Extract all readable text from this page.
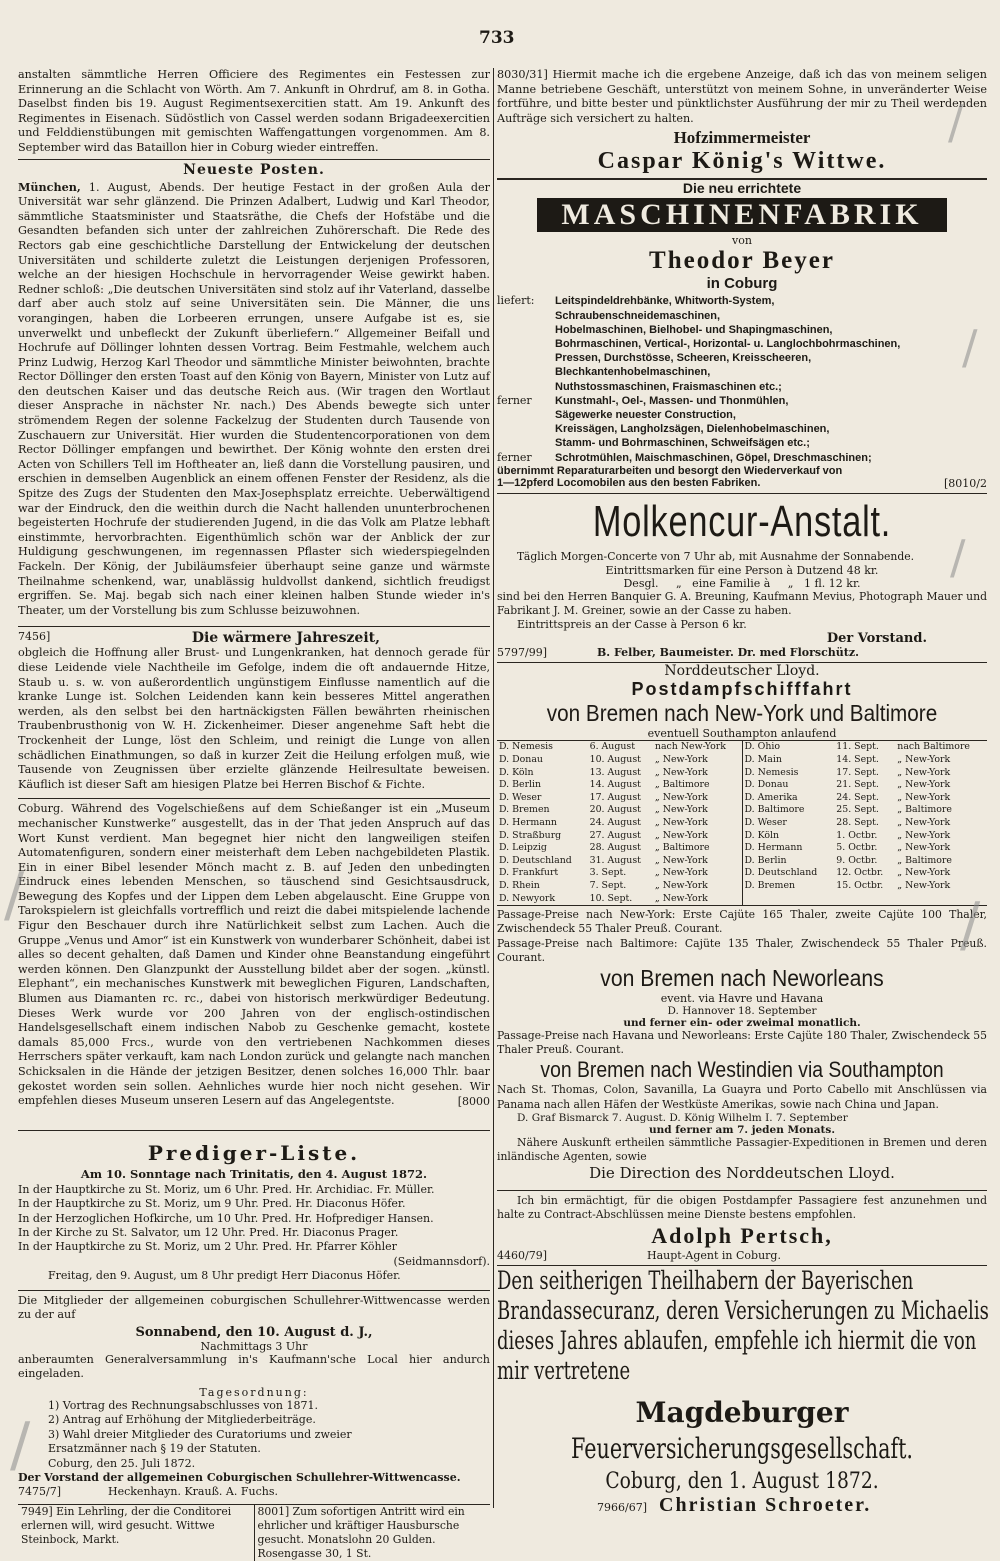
733

anstalten sämmtliche Herren Officiere des Regimentes ein Festessen zur Erinnerung an die Schlacht von Wörth. Am 7. Ankunft in Ohrdruf, am 8. in Gotha. Daselbst finden bis 19. August Regimentsexercitien statt. Am 19. Ankunft des Regimentes in Eisenach. Südöstlich von Cassel werden sodann Brigadeexercitien und Felddienstübungen mit gemischten Waffengattungen vorgenommen. Am 8. September wird das Bataillon hier in Coburg wieder eintreffen.

Neueste Posten.

München, 1. August, Abends. Der heutige Festact in der großen Aula der Universität war sehr glänzend. Die Prinzen Adalbert, Ludwig und Karl Theodor, sämmtliche Staatsminister und Staatsräthe, die Chefs der Hofstäbe und die Gesandten befanden sich unter der zahlreichen Zuhörerschaft. Die Rede des Rectors gab eine geschichtliche Darstellung der Entwickelung der deutschen Universitäten und schilderte zuletzt die Leistungen derjenigen Professoren, welche an der hiesigen Hochschule in hervorragender Weise gewirkt haben. Redner schloß: „Die deutschen Universitäten sind stolz auf ihr Vaterland, dasselbe darf aber auch stolz auf seine Universitäten sein. Die Männer, die uns vorangingen, haben die Lorbeeren errungen, unsere Aufgabe ist es, sie unverwelkt und unbefleckt der Zukunft überliefern.“ Allgemeiner Beifall und Hochrufe auf Döllinger lohnten dessen Vortrag. Beim Festmahle, welchem auch Prinz Ludwig, Herzog Karl Theodor und sämmtliche Minister beiwohnten, brachte Rector Döllinger den ersten Toast auf den König von Bayern, Minister von Lutz auf den deutschen Kaiser und das deutsche Reich aus. (Wir tragen den Wortlaut dieser Ansprache in nächster Nr. nach.) Des Abends bewegte sich unter strömendem Regen der solenne Fackelzug der Studenten durch Tausende von Zuschauern zur Universität. Hier wurden die Studentencorporationen von dem Rector Döllinger empfangen und bewirthet. Der König wohnte den ersten drei Acten von Schillers Tell im Hoftheater an, ließ dann die Vorstellung pausiren, und erschien in demselben Augenblick an einem offenen Fenster der Residenz, als die Spitze des Zugs der Studenten den Max-Josephsplatz erreichte. Ueberwältigend war der Eindruck, den die weithin durch die Nacht hallenden ununterbrochenen begeisterten Hochrufe der studierenden Jugend, in die das Volk am Platze lebhaft einstimmte, hervorbrachten. Eigenthümlich schön war der Anblick der zur Huldigung geschwungenen, im regennassen Pflaster sich wiederspiegelnden Fackeln. Der König, der Jubiläumsfeier überhaupt seine ganze und wärmste Theilnahme schenkend, war, unablässig huldvollst dankend, sichtlich freudigst ergriffen. Se. Maj. begab sich nach einer kleinen halben Stunde wieder in's Theater, um der Vorstellung bis zum Schlusse beizuwohnen.

7456]	Die wärmere Jahreszeit,

obgleich die Hoffnung aller Brust- und Lungenkranken, hat dennoch gerade für diese Leidende viele Nachtheile im Gefolge, indem die oft andauernde Hitze, Staub u. s. w. von außerordentlich ungünstigem Einflusse namentlich auf die kranke Lunge ist. Solchen Leidenden kann kein besseres Mittel angerathen werden, als den selbst bei den hartnäckigsten Fällen bewährten rheinischen Traubenbrusthonig von W. H. Zickenheimer. Dieser angenehme Saft hebt die Trockenheit der Lunge, löst den Schleim, und reinigt die Lunge von allen schädlichen Einathmungen, so daß in kurzer Zeit die Heilung erfolgen muß, wie Tausende von Zeugnissen über erzielte glänzende Heilresultate beweisen. Käuflich ist dieser Saft am hiesigen Platze bei Herren Bischof & Fichte.

Coburg. Während des Vogelschießens auf dem Schießanger ist ein „Museum mechanischer Kunstwerke“ ausgestellt, das in der That jeden Anspruch auf das Wort Kunst verdient. Man begegnet hier nicht den langweiligen steifen Automatenfiguren, sondern einer meisterhaft dem Leben nachgebildeten Plastik. Ein in einer Bibel lesender Mönch macht z. B. auf Jeden den unbedingten Eindruck eines lebenden Menschen, so täuschend sind Gesichtsausdruck, Bewegung des Kopfes und der Lippen dem Leben abgelauscht. Eine Gruppe von Tarokspielern ist gleichfalls vortrefflich und reizt die dabei mitspielende lachende Figur den Beschauer durch ihre Natürlichkeit selbst zum Lachen. Auch die Gruppe „Venus und Amor“ ist ein Kunstwerk von wunderbarer Schönheit, dabei ist alles so decent gehalten, daß Damen und Kinder ohne Beanstandung eingeführt werden können. Den Glanzpunkt der Ausstellung bildet aber der sogen. „künstl. Elephant“, ein mechanisches Kunstwerk mit beweglichen Figuren, Landschaften, Blumen aus Diamanten rc. rc., dabei von historisch merkwürdiger Bedeutung. Dieses Werk wurde vor 200 Jahren von der englisch-ostindischen Handelsgesellschaft einem indischen Nabob zu Geschenke gemacht, kostete damals 85,000 Frcs., wurde von den vertriebenen Nachkommen dieses Herrschers später verkauft, kam nach London zurück und gelangte nach manchen Schicksalen in die Hände der jetzigen Besitzer, denen solches 16,000 Thlr. baar gekostet worden sein sollen. Aehnliches wurde hier noch nicht gesehen. Wir empfehlen dieses Museum unseren Lesern auf das Angelegentste.	[8000
Prediger-Liste.
Am 10. Sonntage nach Trinitatis, den 4. August 1872.
In der Hauptkirche zu St. Moriz, um 6 Uhr. Pred. Hr. Archidiac. Fr. Müller.
In der Hauptkirche zu St. Moriz, um 9 Uhr. Pred. Hr. Diaconus Höfer.
In der Herzoglichen Hofkirche, um 10 Uhr. Pred. Hr. Hofprediger Hansen.
In der Kirche zu St. Salvator, um 12 Uhr. Pred. Hr. Diaconus Prager.
In der Hauptkirche zu St. Moriz, um 2 Uhr. Pred. Hr. Pfarrer Köhler
(Seidmannsdorf).
Freitag, den 9. August, um 8 Uhr predigt Herr Diaconus Höfer.

Die Mitglieder der allgemeinen coburgischen Schullehrer-Wittwencasse werden zu der auf

Sonnabend, den 10. August d. J.,
Nachmittags 3 Uhr

anberaumten Generalversammlung in's Kaufmann'sche Local hier andurch eingeladen.

Tagesordnung:
1) Vortrag des Rechnungsabschlusses von 1871.
2) Antrag auf Erhöhung der Mitgliederbeiträge.
3) Wahl dreier Mitglieder des Curatoriums und zweier Ersatzmänner nach § 19 der Statuten.
Coburg, den 25. Juli 1872.
Der Vorstand der allgemeinen Coburgischen Schullehrer-Wittwencasse.
7475/7]	Heckenhayn. Krauß. A. Fuchs.
7949] Ein Lehrling, der die Conditorei erlernen will, wird gesucht. Wittwe Steinbock, Markt.
8001] Zum sofortigen Antritt wird ein ehrlicher und kräftiger Hausbursche gesucht. Monatslohn 20 Gulden. Rosengasse 30, 1 St.

8030/31] Hiermit mache ich die ergebene Anzeige, daß ich das von meinem seligen Manne betriebene Geschäft, unterstützt von meinem Sohne, in unveränderter Weise fortführe, und bitte bester und pünktlichster Ausführung der mir zu Theil werdenden Aufträge sich versichert zu halten.

Hofzimmermeister
Caspar König's Wittwe.
Die neu errichtete
MASCHINENFABRIK
von
Theodor Beyer
in Coburg
liefert:	Leitspindeldrehbänke, Whitworth-System,
Schraubenschneidemaschinen,
Hobelmaschinen, Bielhobel- und Shapingmaschinen,
Bohrmaschinen, Vertical-, Horizontal- u. Langlochbohrmaschinen,
Pressen, Durchstösse, Scheeren, Kreisscheeren,
Blechkantenhobelmaschinen,
Nuthstossmaschinen, Fraismaschinen etc.;
ferner	Kunstmahl-, Oel-, Massen- und Thonmühlen,
Sägewerke neuester Construction,
Kreissägen, Langholzsägen, Dielenhobelmaschinen,
Stamm- und Bohrmaschinen, Schweifsägen etc.;
ferner	Schrotmühlen, Maischmaschinen, Göpel, Dreschmaschinen;
übernimmt Reparaturarbeiten und besorgt den Wiederverkauf von
1—12pferd Locomobilen aus den besten Fabriken.	[8010/2
Molkencur-Anstalt.

Täglich Morgen-Concerte von 7 Uhr ab, mit Ausnahme der Sonnabende.

Eintrittsmarken für eine Person à Dutzend 48 kr.
Desgl.     „   eine Familie à     „   1 fl. 12 kr.

sind bei den Herren Banquier G. A. Breuning, Kaufmann Mevius, Photograph Mauer und Fabrikant J. M. Greiner, sowie an der Casse zu haben.

Eintrittspreis an der Casse à Person 6 kr.
Der Vorstand.
5797/99]	B. Felber, Baumeister. Dr. med Florschütz.
Norddeutscher Lloyd.
Postdampfschifffahrt
von Bremen nach New-York und Baltimore
eventuell Southampton anlaufend
D. Nemesis	6. August	nach New-York
D. Donau	10. August	„ New-York
D. Köln	13. August	„ New-York
D. Berlin	14. August	„ Baltimore
D. Weser	17. August	„ New-York
D. Bremen	20. August	„ New-York
D. Hermann	24. August	„ New-York
D. Straßburg	27. August	„ New-York
D. Leipzig	28. August	„ Baltimore
D. Deutschland	31. August	„ New-York
D. Frankfurt	3. Sept.	„ New-York
D. Rhein	7. Sept.	„ New-York
D. Newyork	10. Sept.	„ New-York
D. Ohio	11. Sept.	nach Baltimore
D. Main	14. Sept.	„ New-York
D. Nemesis	17. Sept.	„ New-York
D. Donau	21. Sept.	„ New-York
D. Amerika	24. Sept.	„ New-York
D. Baltimore	25. Sept.	„ Baltimore
D. Weser	28. Sept.	„ New-York
D. Köln	1. Octbr.	„ New-York
D. Hermann	5. Octbr.	„ New-York
D. Berlin	9. Octbr.	„ Baltimore
D. Deutschland	12. Octbr.	„ New-York
D. Bremen	15. Octbr.	„ New-York

Passage-Preise nach New-York: Erste Cajüte 165 Thaler, zweite Cajüte 100 Thaler, Zwischendeck 55 Thaler Preuß. Courant.

Passage-Preise nach Baltimore: Cajüte 135 Thaler, Zwischendeck 55 Thaler Preuß. Courant.

von Bremen nach Neworleans
event. via Havre und Havana
D. Hannover 18. September
und ferner ein- oder zweimal monatlich.

Passage-Preise nach Havana und Neworleans: Erste Cajüte 180 Thaler, Zwischendeck 55 Thaler Preuß. Courant.

von Bremen nach Westindien via Southampton

Nach St. Thomas, Colon, Savanilla, La Guayra und Porto Cabello mit Anschlüssen via Panama nach allen Häfen der Westküste Amerikas, sowie nach China und Japan.

D. Graf Bismarck 7. August. D. König Wilhelm I. 7. September
und ferner am 7. jeden Monats.

Nähere Auskunft ertheilen sämmtliche Passagier-Expeditionen in Bremen und deren inländische Agenten, sowie

Die Direction des Norddeutschen Lloyd.

Ich bin ermächtigt, für die obigen Postdampfer Passagiere fest anzunehmen und halte zu Contract-Abschlüssen meine Dienste bestens empfohlen.

Adolph Pertsch,
4460/79]	Haupt-Agent in Coburg.
Den seitherigen Theilhabern der Bayerischen
Brandassecuranz, deren Versicherungen zu Michaelis
dieses Jahres ablaufen, empfehle ich hiermit die von
mir vertretene
Magdeburger
Feuerversicherungsgesellschaft.
Coburg, den 1. August 1872.
7966/67] Christian Schroeter.
/
/
/
/	/
/
